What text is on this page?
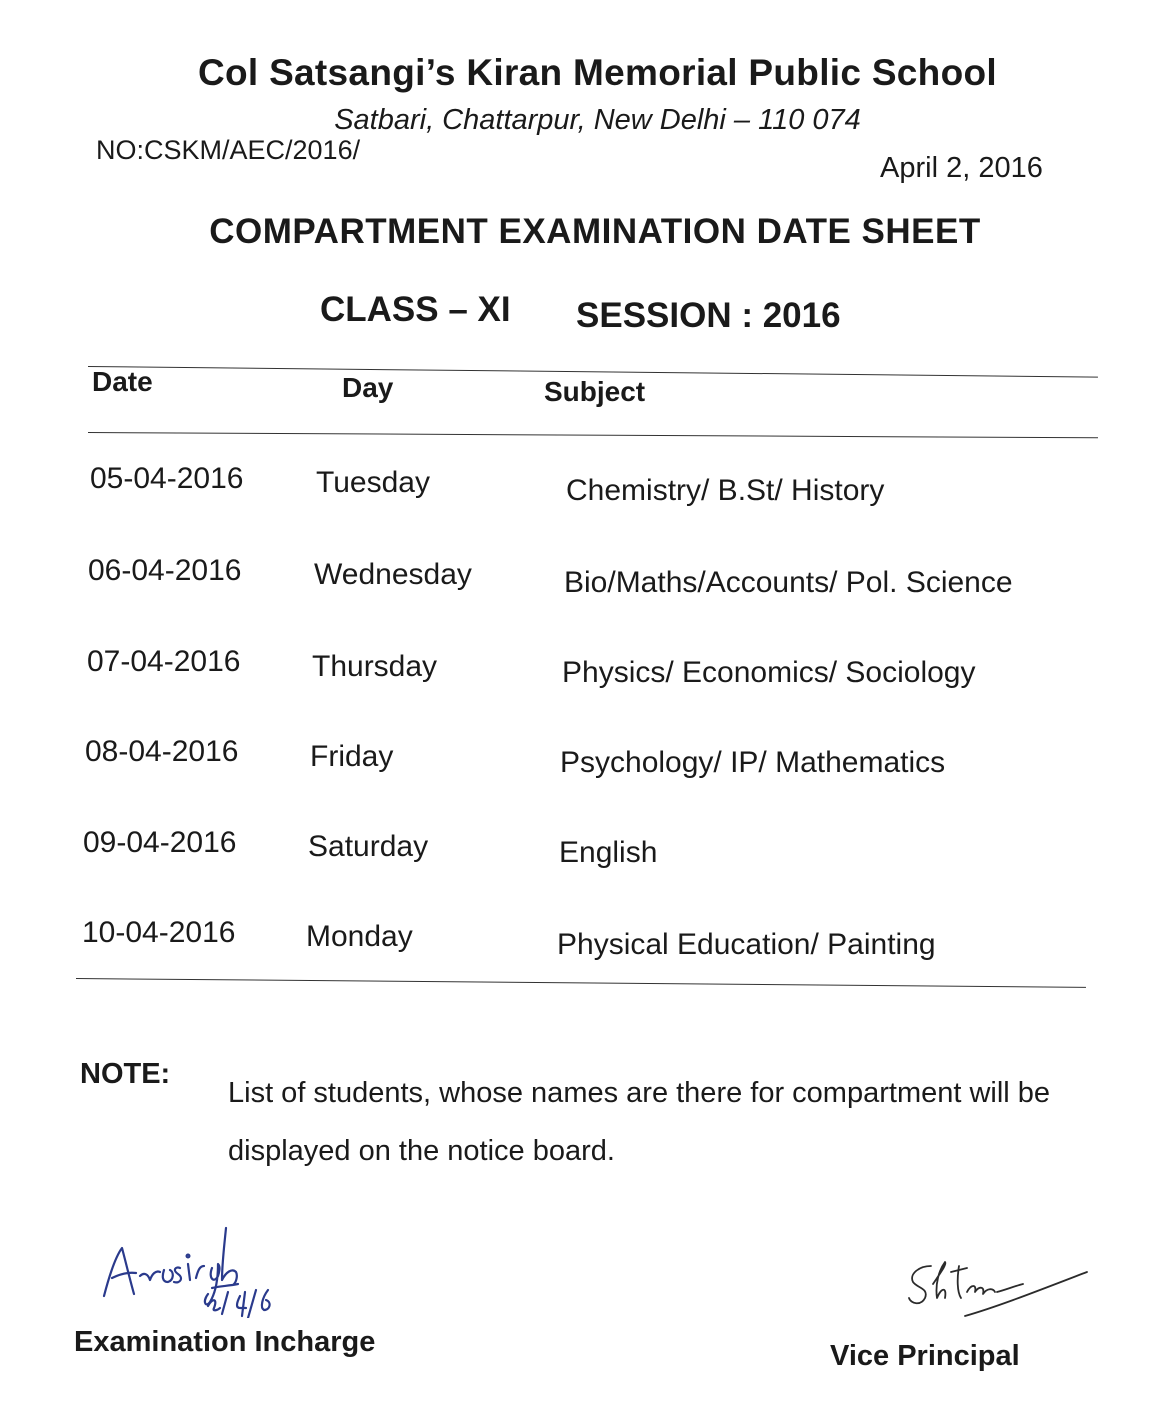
Col Satsangi’s Kiran Memorial Public School
Satbari, Chattarpur, New Delhi – 110 074
NO:CSKM/AEC/2016/
April 2, 2016
COMPARTMENT EXAMINATION DATE SHEET
CLASS – XI SESSION : 2016
Date	Day	Subject
05-04-2016 Tuesday	Chemistry/ B.St/ History
06-04-2016 Wednesday	Bio/Maths/Accounts/ Pol. Science
07-04-2016 Thursday	Physics/ Economics/ Sociology
08-04-2016 Friday	Psychology/ IP/ Mathematics
09-04-2016 Saturday	English
10-04-2016 Monday	Physical Education/ Painting
NOTE:
List of students, whose names are there for compartment will be displayed on the notice board.
Examination Incharge	Vice Principal
